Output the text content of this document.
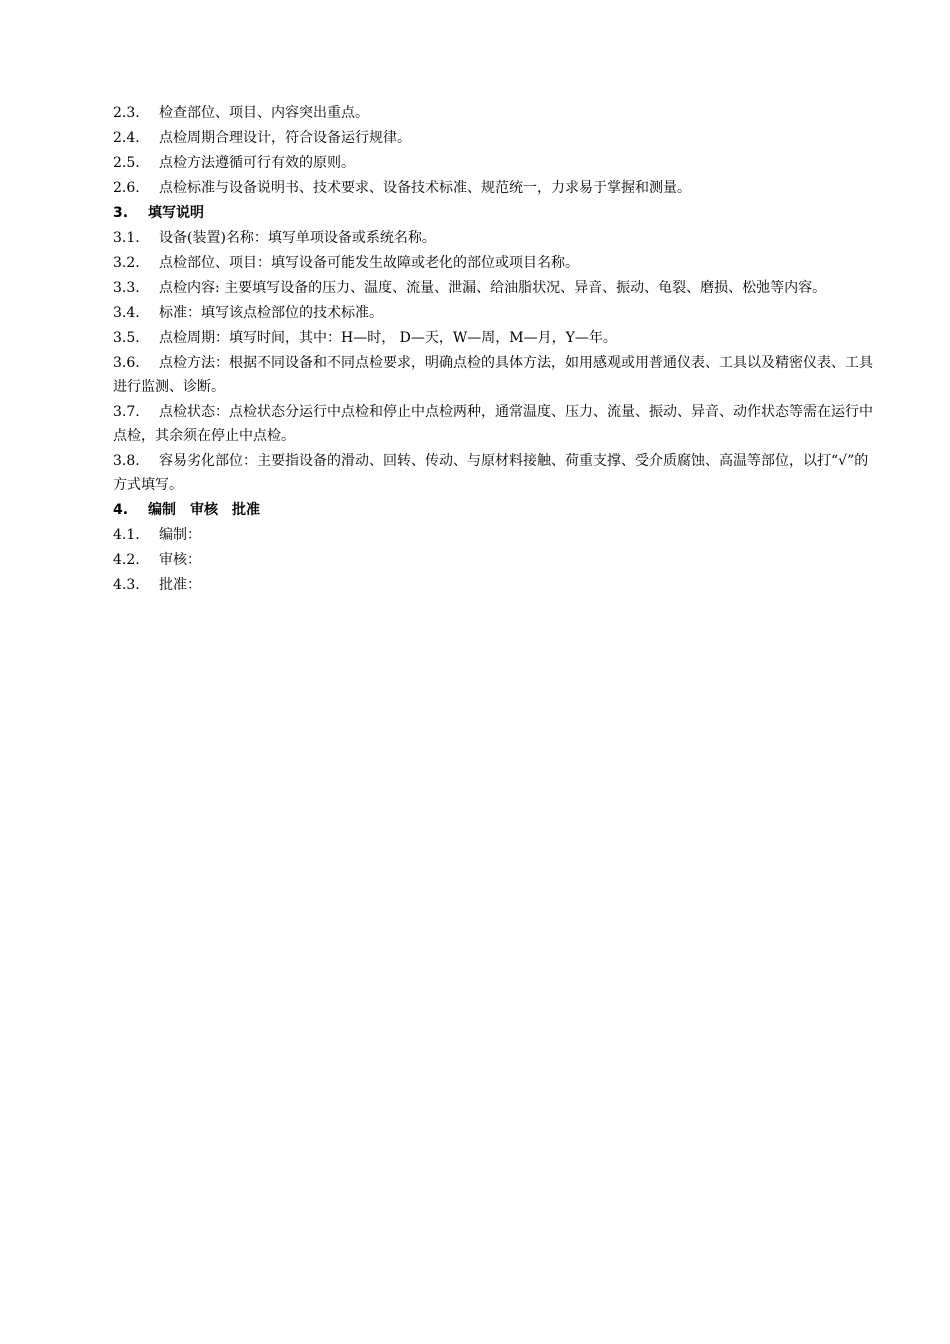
2.3. 检查部位、项目、内容突出重点。

2.4. 点检周期合理设计，符合设备运行规律。

2.5. 点检方法遵循可行有效的原则。

2.6. 点检标准与设备说明书、技术要求、设备技术标准、规范统一，力求易于掌握和测量。

3. 填写说明

3.1. 设备(装置)名称：填写单项设备或系统名称。

3.2. 点检部位、项目：填写设备可能发生故障或老化的部位或项目名称。

3.3. 点检内容: 主要填写设备的压力、温度、流量、泄漏、给油脂状况、异音、振动、龟裂、磨损、松弛等内容。

3.4. 标准：填写该点检部位的技术标准。

3.5. 点检周期：填写时间，其中：H—时， D—天，W—周，M—月，Y—年。

3.6. 点检方法：根据不同设备和不同点检要求，明确点检的具体方法，如用感观或用普通仪表、工具以及精密仪表、工具进行监测、诊断。

3.7. 点检状态：点检状态分运行中点检和停止中点检两种，通常温度、压力、流量、振动、异音、动作状态等需在运行中点检，其余须在停止中点检。

3.8. 容易劣化部位：主要指设备的滑动、回转、传动、与原材料接触、荷重支撑、受介质腐蚀、高温等部位，以打“√”的方式填写。

4. 编制　审核　批准

4.1. 编制：

4.2. 审核：

4.3. 批准：
